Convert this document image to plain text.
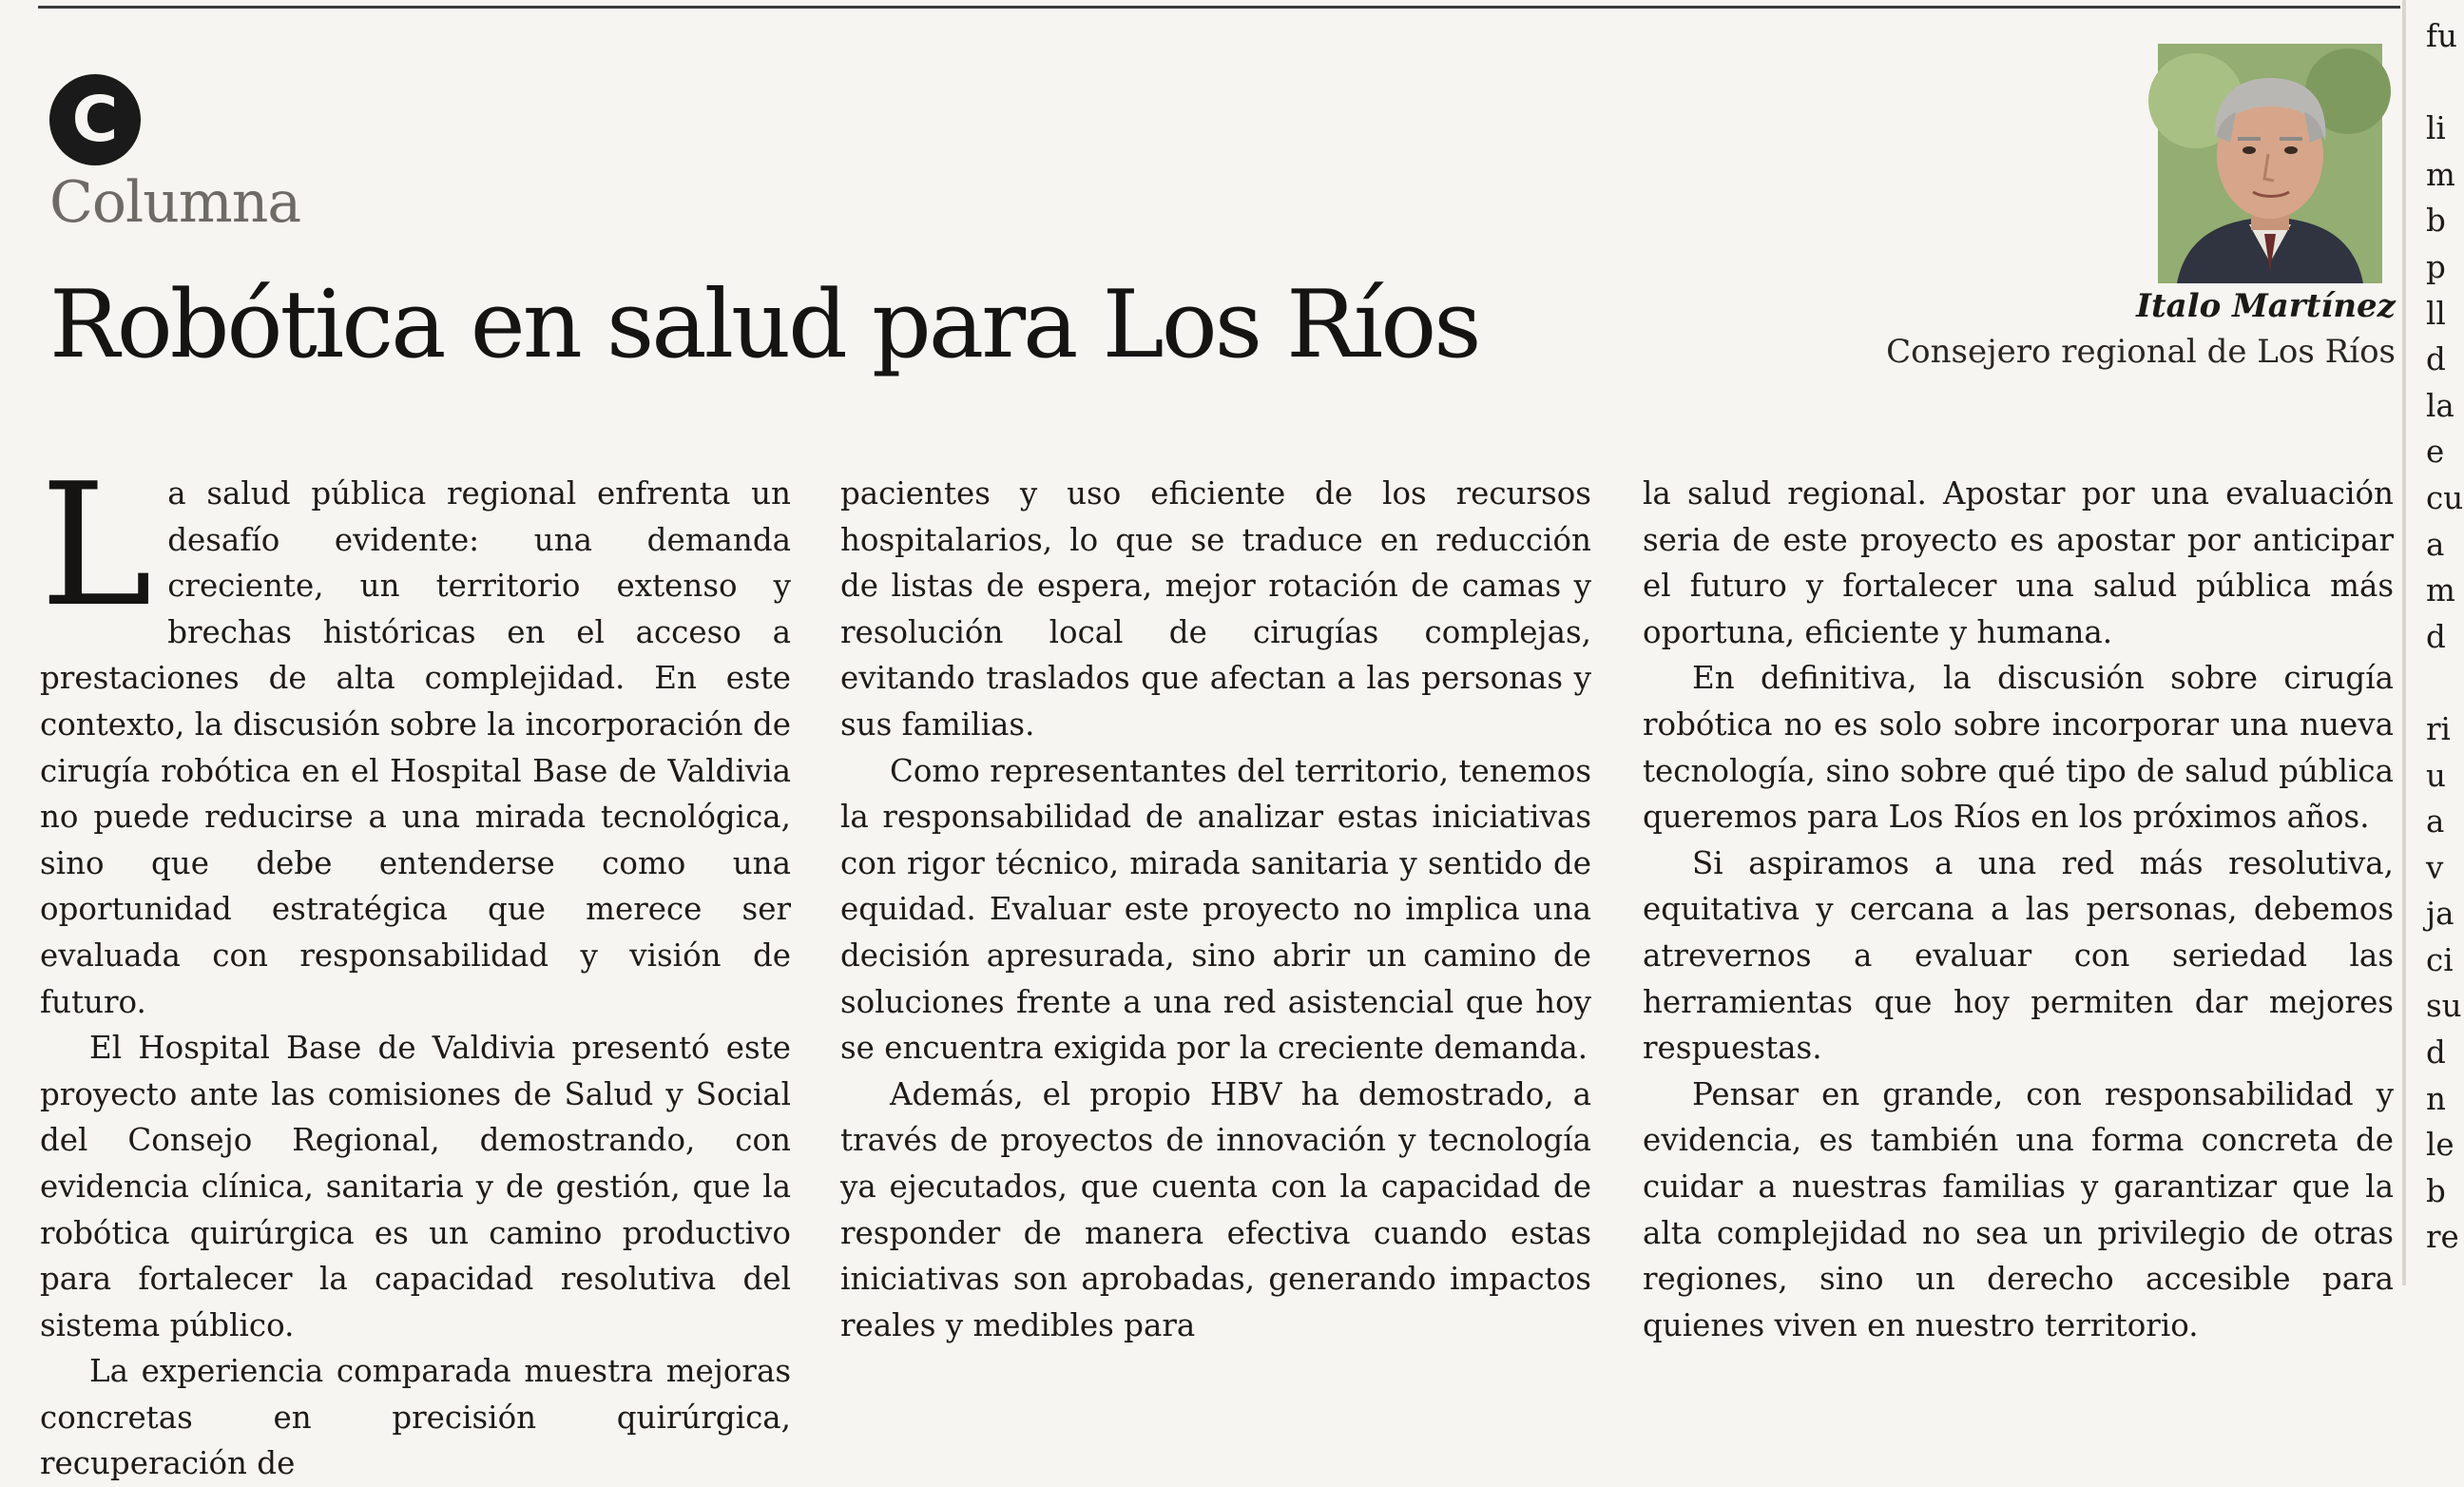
C
Columna
Robótica en salud para Los Ríos	Italo Martínez
Consejero regional de Los Ríos

La salud pública regional enfrenta un desafío evidente: una demanda creciente, un territorio extenso y brechas históricas en el acceso a prestaciones de alta complejidad. En este contexto, la discusión sobre la incorporación de cirugía robótica en el Hospital Base de Valdivia no puede reducirse a una mirada tecnológica, sino que debe entenderse como una oportunidad estratégica que merece ser evaluada con responsabilidad y visión de futuro.

El Hospital Base de Valdivia presentó este proyecto ante las comisiones de Salud y Social del Consejo Regional, demostrando, con evidencia clínica, sanitaria y de gestión, que la robótica quirúrgica es un camino productivo para fortalecer la capacidad resolutiva del sistema público.

La experiencia comparada muestra mejoras concretas en precisión quirúrgica, recuperación de

pacientes y uso eficiente de los recursos hospitalarios, lo que se traduce en reducción de listas de espera, mejor rotación de camas y resolución local de cirugías complejas, evitando traslados que afectan a las personas y sus familias.

Como representantes del territorio, tenemos la responsabilidad de analizar estas iniciativas con rigor técnico, mirada sanitaria y sentido de equidad. Evaluar este proyecto no implica una decisión apresurada, sino abrir un camino de soluciones frente a una red asistencial que hoy se encuentra exigida por la creciente demanda.

Además, el propio HBV ha demostrado, a través de proyectos de innovación y tecnología ya ejecutados, que cuenta con la capacidad de responder de manera efectiva cuando estas iniciativas son aprobadas, generando impactos reales y medibles para

la salud regional. Apostar por una evaluación seria de este proyecto es apostar por anticipar el futuro y fortalecer una salud pública más oportuna, eficiente y humana.

En definitiva, la discusión sobre cirugía robótica no es solo sobre incorporar una nueva tecnología, sino sobre qué tipo de salud pública queremos para Los Ríos en los próximos años.

Si aspiramos a una red más resolutiva, equitativa y cercana a las personas, debemos atrevernos a evaluar con seriedad las herramientas que hoy permiten dar mejores respuestas.

Pensar en grande, con responsabilidad y evidencia, es también una forma concreta de cuidar a nuestras familias y garantizar que la alta complejidad no sea un privilegio de otras regiones, sino un derecho accesible para quienes viven en nuestro territorio.

fu
li
m
b
p
ll
d
la
e
cu
a
m
d
ri
u
a
v
ja
ci
su
d
n
le
b
re
